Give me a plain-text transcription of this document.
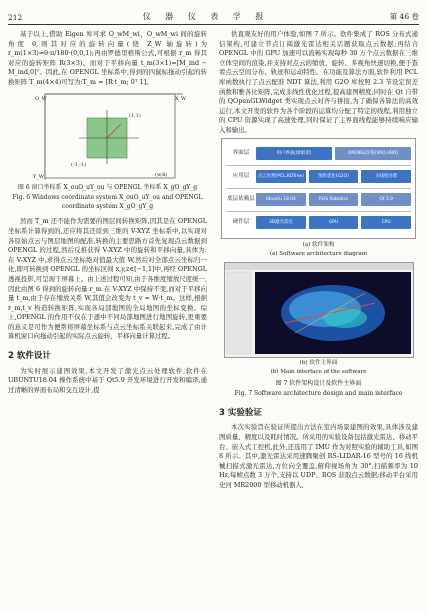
212	仪 器 仪 表 学 报	第 46 卷

基于以上,借助 Eigen 库可求 O_wM_wi、O_wM_wi 间的旋转角度 θ,则其对应的旋转向量(绕 Z_W 轴旋转)为 r_m(1×3)=θ·π/180·(0,0,1);再由罗德里格斯公式,可根据 r_m 得其对应的旋转矩阵 R(3×3)。而对于平移向量 t_m(3×1)=[M_ind − M_ind,0]ᵀ。因此,在 OPENGL 坐标系中,得到的四鼠标拖动引起的转换矩阵 T_m(4×4)可写为:T_m = [R t_m; 0ᵀ 1]。

(1,1)
(-1,-1)
O_W	X_W
Y_W	(w,h)
图 6 窗口坐标系 X_ouO_uY_ou 与 OPENGL 坐标系 X_gO_gY_g
Fig. 6 Windows coordinate system X_ouO_uY_ou and OPENGL coordinate system X_gO_gY_g

然而 T_m 还不能作为需要的图层间转换矩阵,因其是在 OPENGL 坐标系计算得到的,还应将其还原到三维的 V-XYZ 坐标系中,以实现对各原始点云与图层地图的配准,转换的主要思路方首先复现点云数据到 OPENGL 的过程,然后反推获得 V-XYZ 中的旋转和平移向量,具体为:在 V-XYZ 中,求得点云坐标绝对值最大值 W,然后对全部点云坐标归一化,即可转换到 OPENGL 的坐标区间 x,y,z∈[−1,1]中,再经 OPENGL 透视投影,可呈现于屏幕上。由上述过程可知,由于各维度缩放尺度统一,因此由图 6 得到的旋转向量 r_m 在 V-XYZ 中保持不变,而对于平移向量 t_m,由于存在缩放关系 W,其值会改变为 t_v = W·t_m。这样,根据 r_m,t_v 构造转换矩阵,实现各局部地图的全局地图的坐标变换。综上,OPENGL 的作用不仅在于逐中不同局部地图进行地图旋转,更重要的意义是可作为便帮将屏幕坐标系与点云坐标系关联起来,完成了由计算机窗口向拖动引起的实际点云旋转、平移向量计算过程。

2 软件设计

为实时展示建图效果,本文开发了激光点云处理软件,软件在 UBUNTU18.04 操作系统中基于 Qt5.9 开发环境进行开发和编译,通过清晰的界面布局和交互设计,提

供直观友好的用户体验,如图 7 所示。软件集成了 ROS 分布式通信架构,可建立节点订阅激光雷达相关话题获取点云数据;再结合 OPENGL 中的 GPU 加速可以流畅实现每秒 30 万个点云数据在三维立体空间的渲染,并支持对点云的缩放、旋转、多视角快速切换,便于查看点云空间分布、轨迹和运动特性。在功能及算法方面,软件利用 PCL 库函数执行了点云配准 NDT 算法,利用 G2O 库按照 2.3 节设定误差函数和雅各比矩阵,完成非线性优化过程,提高建图精度;同时在 Qt 自带的 QOpenGLWidget 类实现点云对齐与拼接,为了确保各算法的高效运行,本文开发的软件为各个阶段的运算均分配了特定的线程,利用独立的 CPU 资源实现了高速处理,同时保证了主界面线程能够持续响应输入和输出。

界面层	用户界面(Qt框架)	OPENGL渲染(VAO,VBO)
应用层	点云处理(PCL,KDTree)	图形优化(G2O)	多线程处理
底层依赖层	Ubuntu 18.04	ROS Robotics	Qt 5.9
硬件层	3D激光雷达	GPU	CPU
(a) 软件架构
(a) Software architecture diagram
(b) 软件主界面
(b) Main interface of the software
图 7 软件架构设计及软件主界面
Fig. 7 Software architecture design and main interface
3 实验验证

本次实验旨在验证所提出方法在室内场景建图的效果,具体涉及建图质量、精度以及耗时情况。所采用的实验设备包括激光雷达、移动平台、嵌入式工控机,此外,还选用了 IMU 作为对照实验的辅助工具,如图 8 所示。其中,激光雷达采用速腾聚创 RS-LIDAR-16 型号的 16 线机械扫描式激光雷达,方位向全覆盖,俯仰视场角为 30°,扫描频率为 10 Hz,每帧点数 3 万个,支持以 UDP、ROS 获取点云数据;移动平台采用史河 MR2000 型移动机器人,
